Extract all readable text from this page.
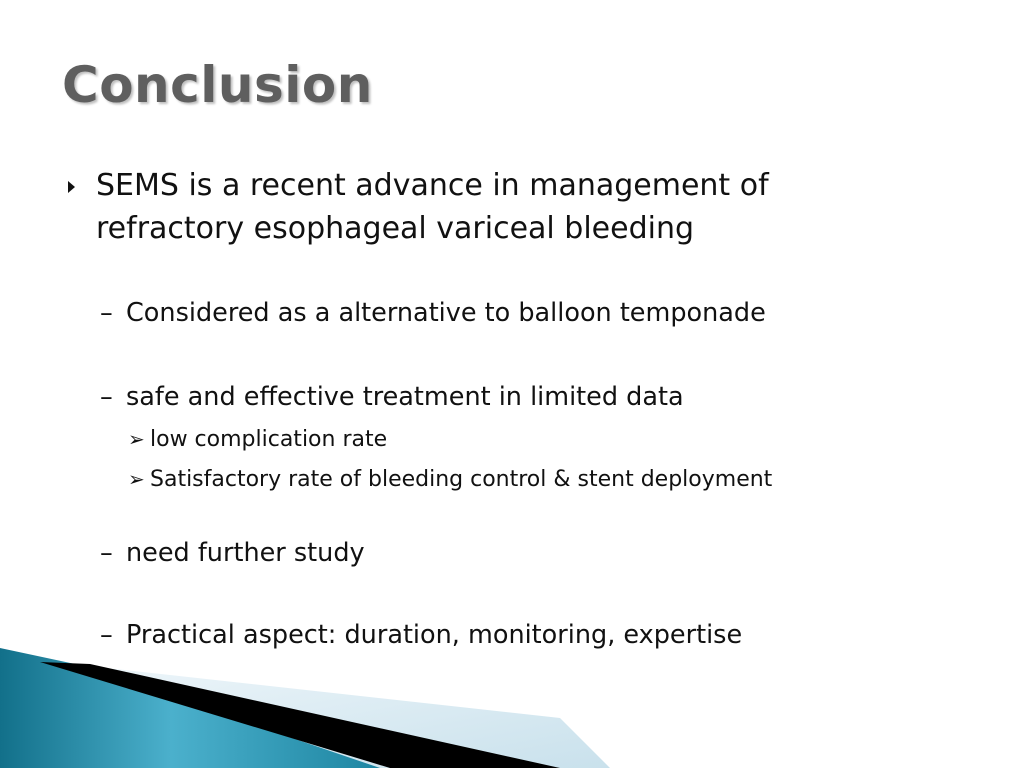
Conclusion
SEMS is a recent advance in management of
refractory esophageal variceal bleeding
– Considered as a alternative to balloon temponade
– safe and effective treatment in limited data
➢ low complication rate
➢ Satisfactory rate of bleeding control & stent deployment
– need further study
– Practical aspect: duration, monitoring, expertise
